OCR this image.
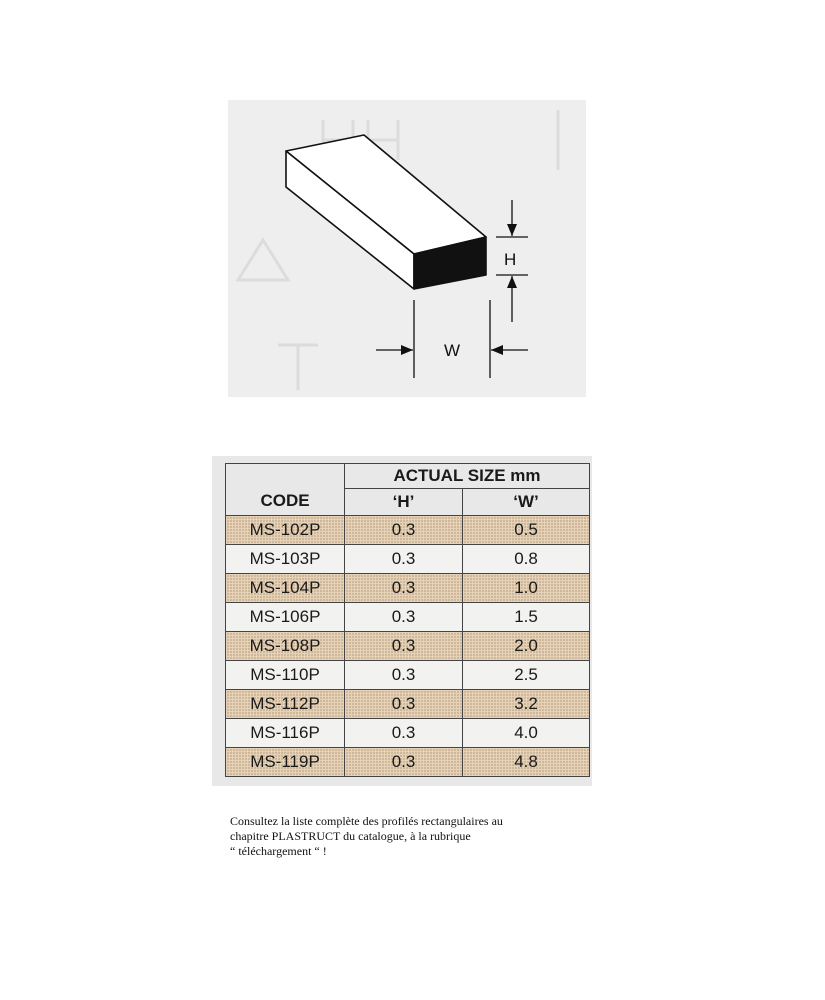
H
W
CODE	ACTUAL SIZE mm	
	‘H’	‘W’
MS-102P	0.3	0.5
MS-103P	0.3	0.8
MS-104P	0.3	1.0
MS-106P	0.3	1.5
MS-108P	0.3	2.0
MS-110P	0.3	2.5
MS-112P	0.3	3.2
MS-116P	0.3	4.0
MS-119P	0.3	4.8
Consultez la liste complète des profilés rectangulaires au
chapitre PLASTRUCT du catalogue, à la rubrique
“ téléchargement “ !
